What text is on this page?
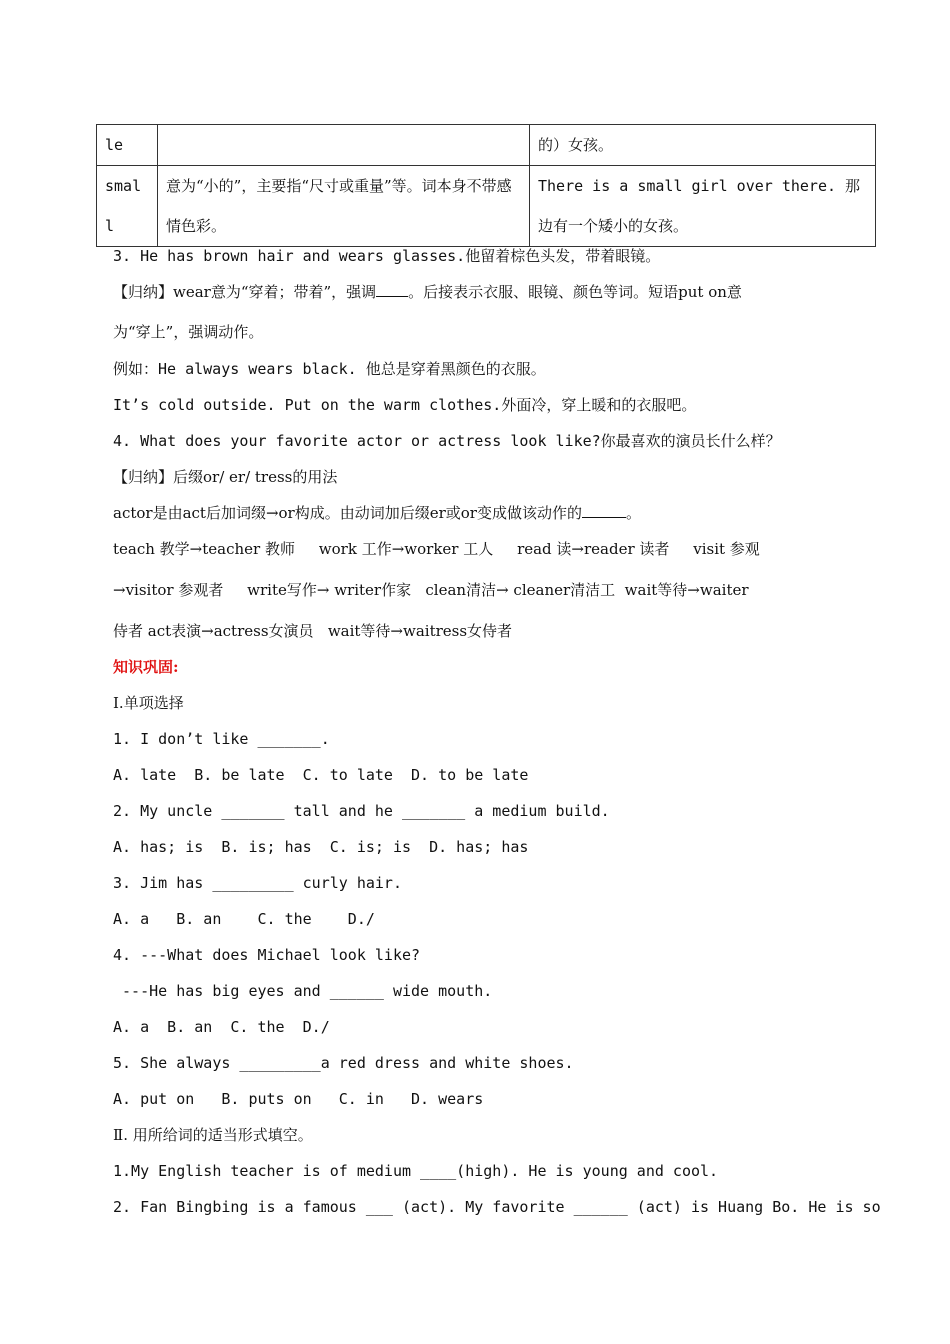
le		的）女孩。
small	意为“小的”，主要指“尺寸或重量”等。词本身不带感情色彩。	There is a small girl over there. 那边有一个矮小的女孩。
3. He has brown hair and wears glasses.他留着棕色头发，带着眼镜。
【归纳】wear意为“穿着；带着”，强调 。后接表示衣服、眼镜、颜色等词。短语put on意
为“穿上”，强调动作。
例如：He always wears black. 他总是穿着黑颜色的衣服。
It’s cold outside. Put on the warm clothes.外面冷，穿上暖和的衣服吧。
4. What does your favorite actor or actress look like?你最喜欢的演员长什么样？
【归纳】后缀or/ er/ tress的用法
actor是由act后加词缀→or构成。由动词加后缀er或or变成做该动作的	。
teach 教学→teacher 教师     work 工作→worker 工人     read 读→reader 读者     visit 参观
→visitor 参观者     write写作→ writer作家   clean清洁→ cleaner清洁工  wait等待→waiter
侍者 act表演→actress女演员   wait等待→waitress女侍者
知识巩固:
Ⅰ.单项选择
1. I don’t like _______.
A. late  B. be late  C. to late  D. to be late
2. My uncle _______ tall and he _______ a medium build.
A. has; is  B. is; has  C. is; is  D. has; has
3. Jim has _________ curly hair.
A. a   B. an    C. the    D./
4. ---What does Michael look like?
---He has big eyes and ______ wide mouth.
A. a  B. an  C. the  D./
5. She always _________a red dress and white shoes.
A. put on   B. puts on   C. in   D. wears
Ⅱ. 用所给词的适当形式填空。
1.My English teacher is of medium ____(high). He is young and cool.
2. Fan Bingbing is a famous ___ (act). My favorite ______ (act) is Huang Bo. He is so
